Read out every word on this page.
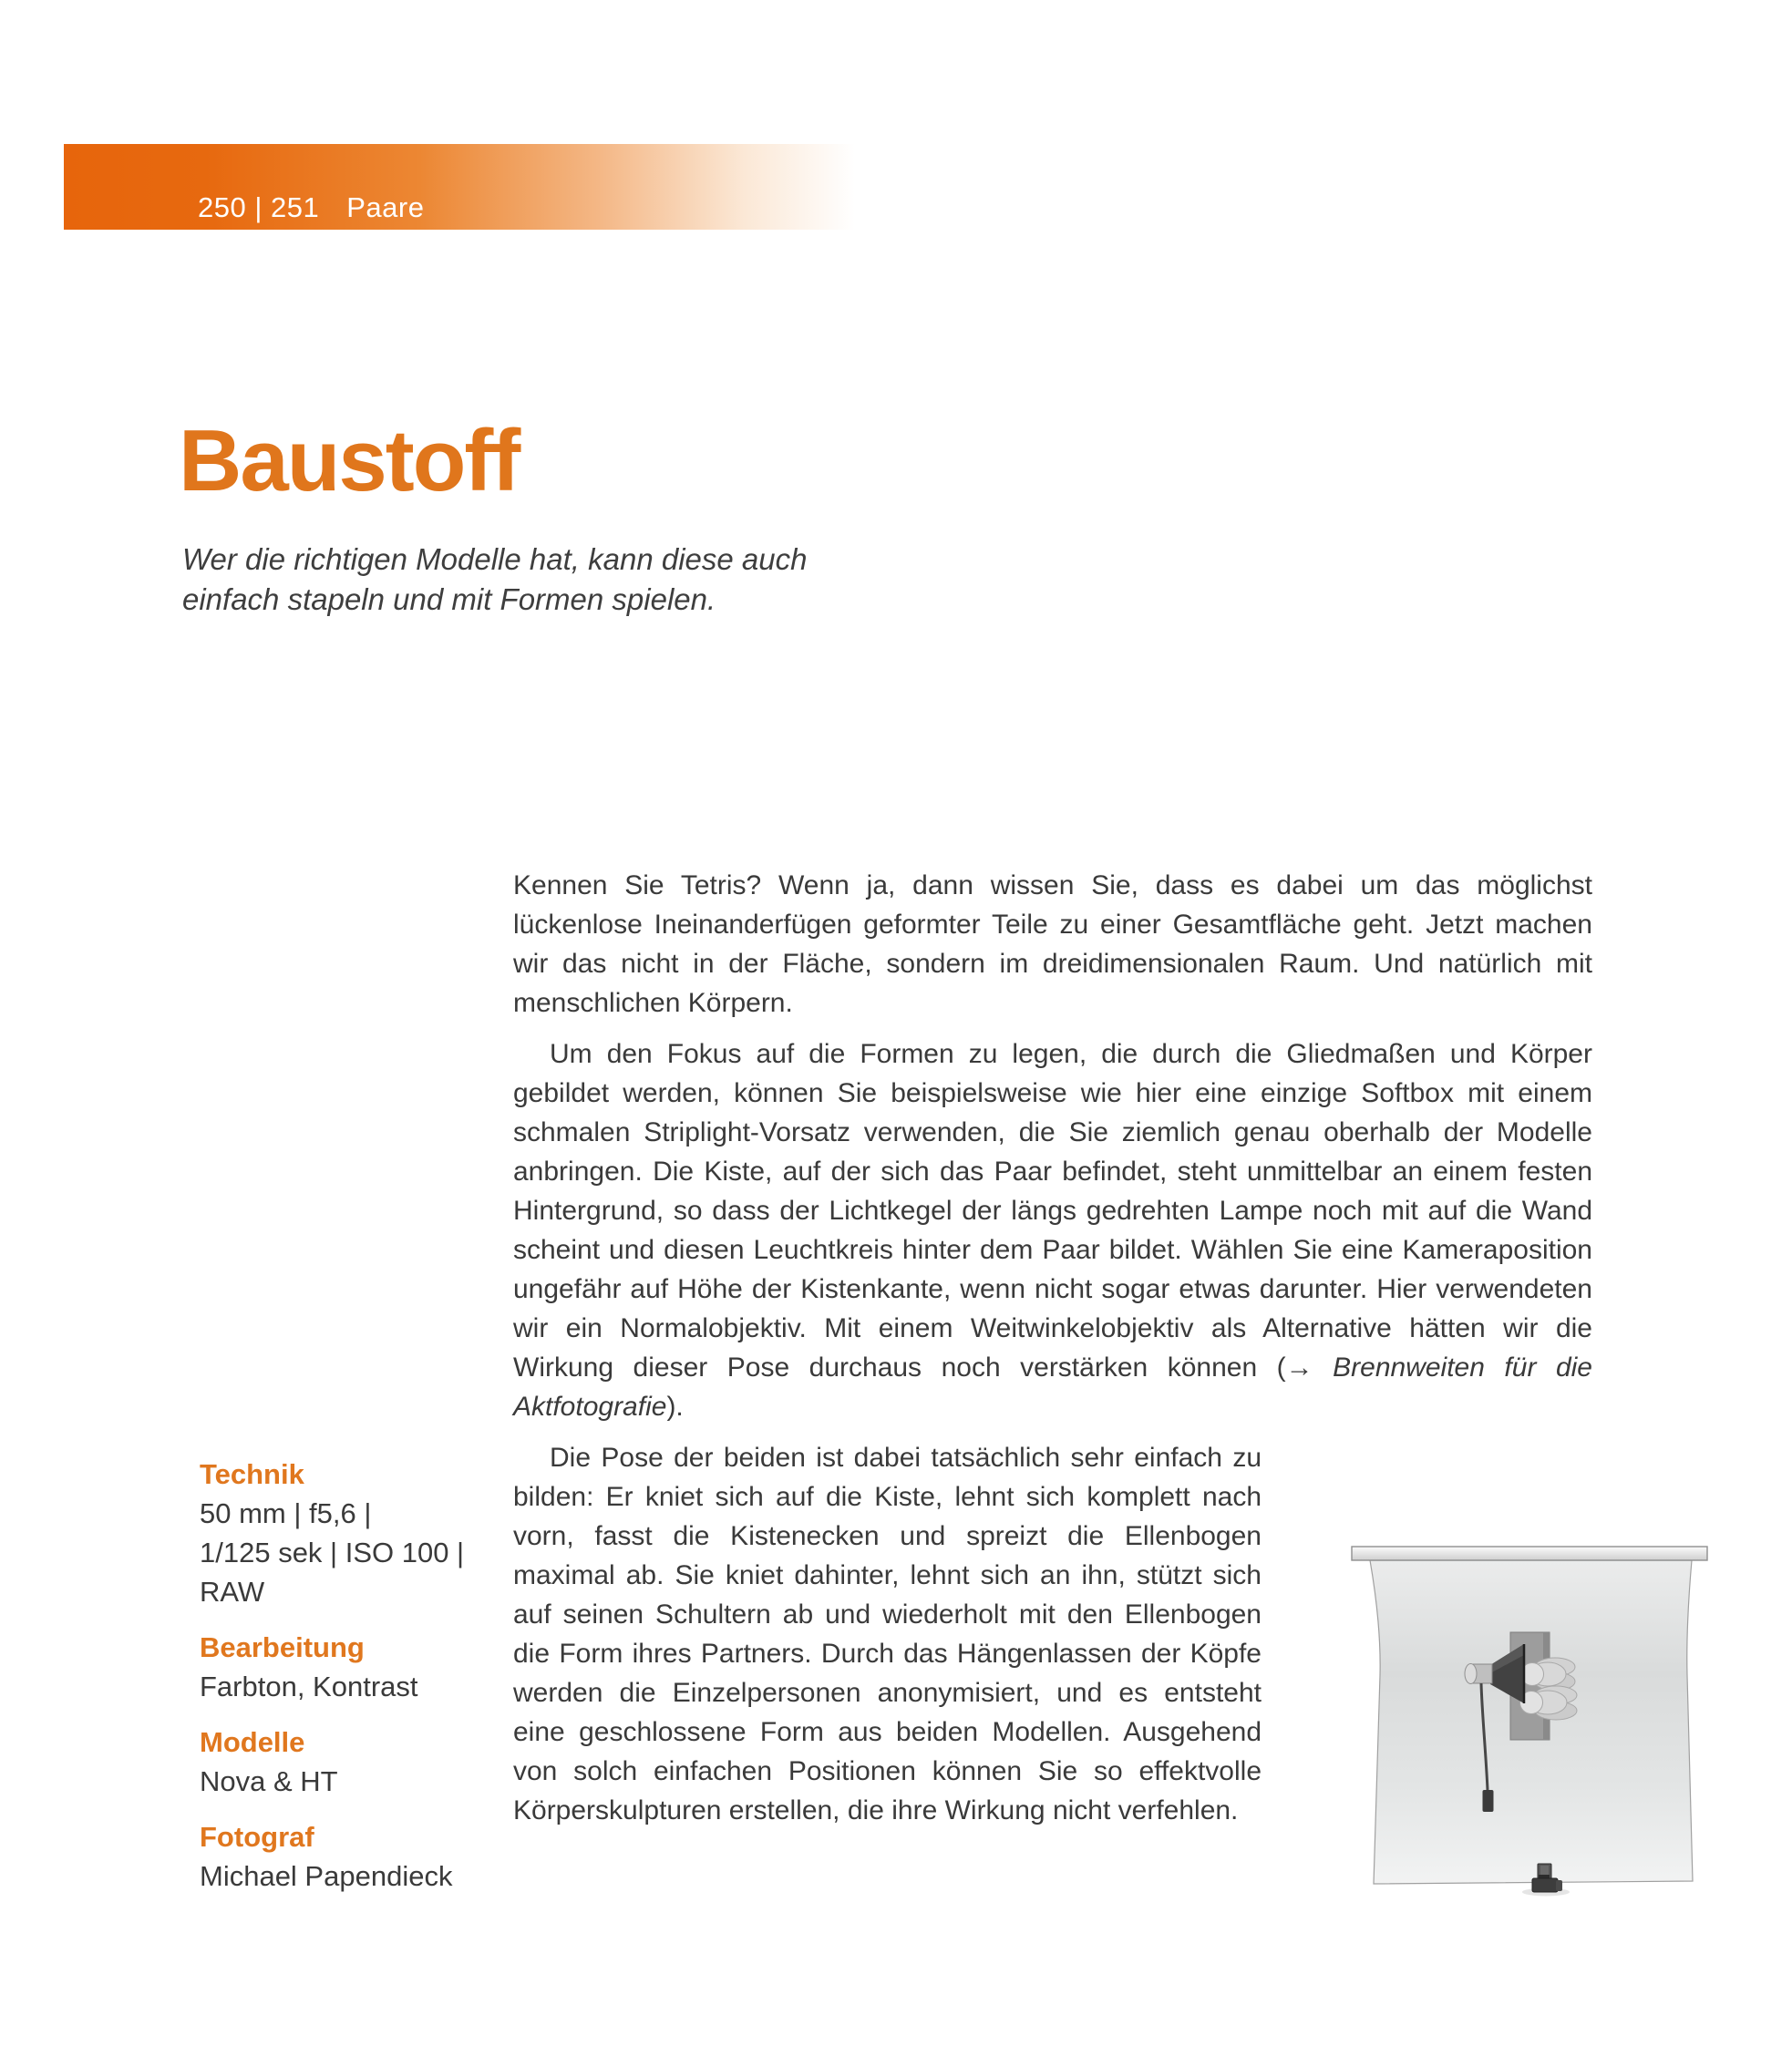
250 | 251 Paare
Baustoff
Wer die richtigen Modelle hat, kann diese auch
einfach stapeln und mit Formen spielen.
Technik
50 mm | f5,6 |
1/125 sek | ISO 100 |
RAW
Bearbeitung
Farbton, Kontrast
Modelle
Nova & HT
Fotograf
Michael Papendieck

Kennen Sie Tetris? Wenn ja, dann wissen Sie, dass es dabei um das möglichst lückenlose Ineinanderfügen geformter Teile zu einer Gesamtfläche geht. Jetzt machen wir das nicht in der Fläche, sondern im dreidimensionalen Raum. Und natürlich mit menschlichen Körpern.

Um den Fokus auf die Formen zu legen, die durch die Gliedmaßen und Körper gebildet werden, können Sie beispielsweise wie hier eine einzige Softbox mit einem schmalen Striplight-Vorsatz verwenden, die Sie ziemlich genau oberhalb der Modelle anbringen. Die Kiste, auf der sich das Paar befindet, steht unmittelbar an einem festen Hintergrund, so dass der Lichtkegel der längs gedrehten Lampe noch mit auf die Wand scheint und diesen Leuchtkreis hinter dem Paar bildet. Wählen Sie eine Kameraposition ungefähr auf Höhe der Kistenkante, wenn nicht sogar etwas darunter. Hier verwendeten wir ein Normalobjektiv. Mit einem Weitwinkelobjektiv als Alternative hätten wir die Wirkung dieser Pose durchaus noch verstärken können (→ Brennweiten für die Aktfotografie).

Die Pose der beiden ist dabei tatsächlich sehr einfach zu bilden: Er kniet sich auf die Kiste, lehnt sich komplett nach vorn, fasst die Kistenecken und spreizt die Ellenbogen maximal ab. Sie kniet dahinter, lehnt sich an ihn, stützt sich auf seinen Schultern ab und wiederholt mit den Ellenbogen die Form ihres Partners. Durch das Hängenlassen der Köpfe werden die Einzelpersonen anonymisiert, und es entsteht eine geschlossene Form aus beiden Modellen. Ausgehend von solch einfachen Positionen können Sie so effektvolle Körperskulpturen erstellen, die ihre Wirkung nicht verfehlen.
